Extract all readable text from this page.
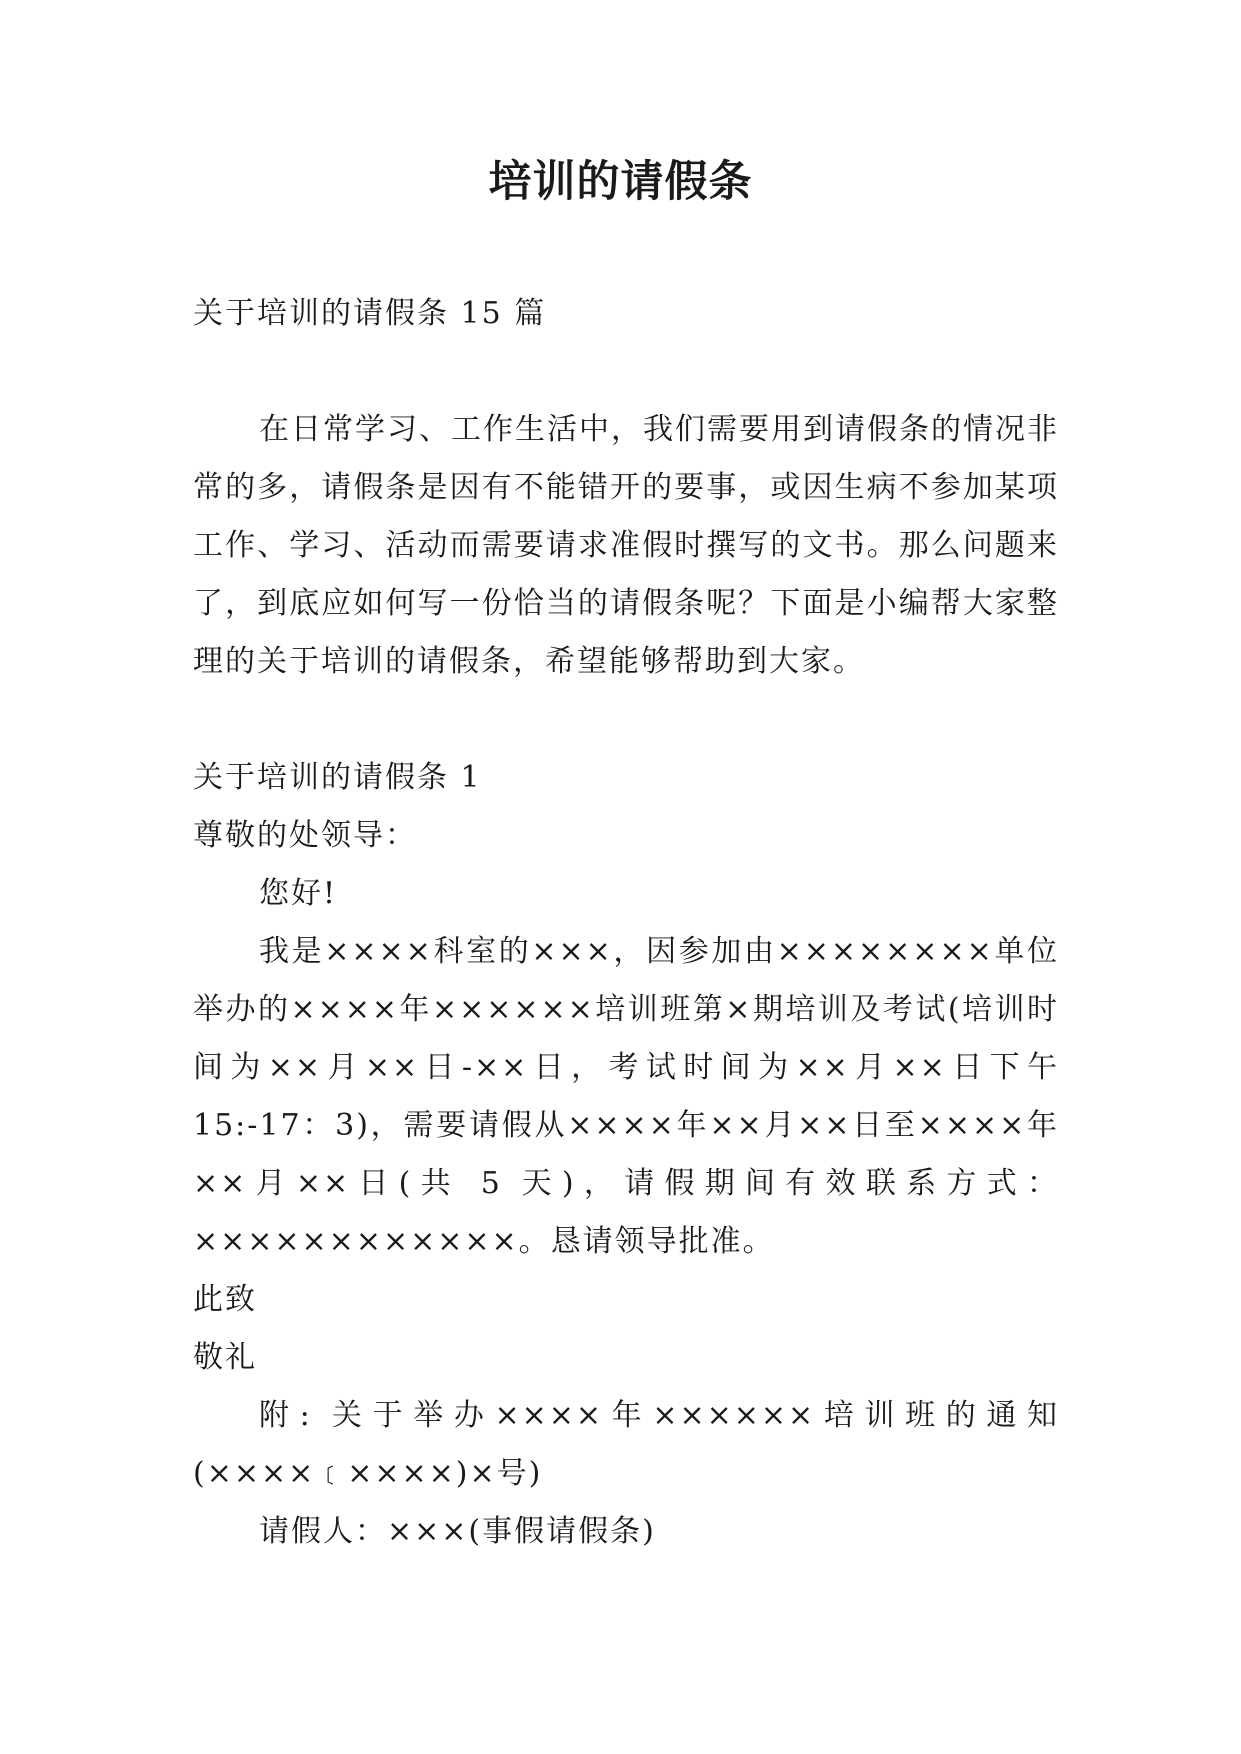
培训的请假条

关于培训的请假条 15 篇

在日常学习、工作生活中，我们需要用到请假条的情况非常的多，请假条是因有不能错开的要事，或因生病不参加某项工作、学习、活动而需要请求准假时撰写的文书。那么问题来了，到底应如何写一份恰当的请假条呢？下面是小编帮大家整理的关于培训的请假条，希望能够帮助到大家。

关于培训的请假条 1

尊敬的处领导：

您好!

我是××××科室的×××，因参加由××××××××单位举办的××××年××××××培训班第×期培训及考试(培训时间为××月××日-××日，考试时间为××月××日下午 15:-17：3)，需要请假从××××年××月××日至××××年××月××日(共 5 天)，请假期间有效联系方式：××××××××××××。恳请领导批准。

此致

敬礼

附: 关于举办××××年××××××培训班的通知(××××﹝××××)×号)

请假人：×××(事假请假条)
